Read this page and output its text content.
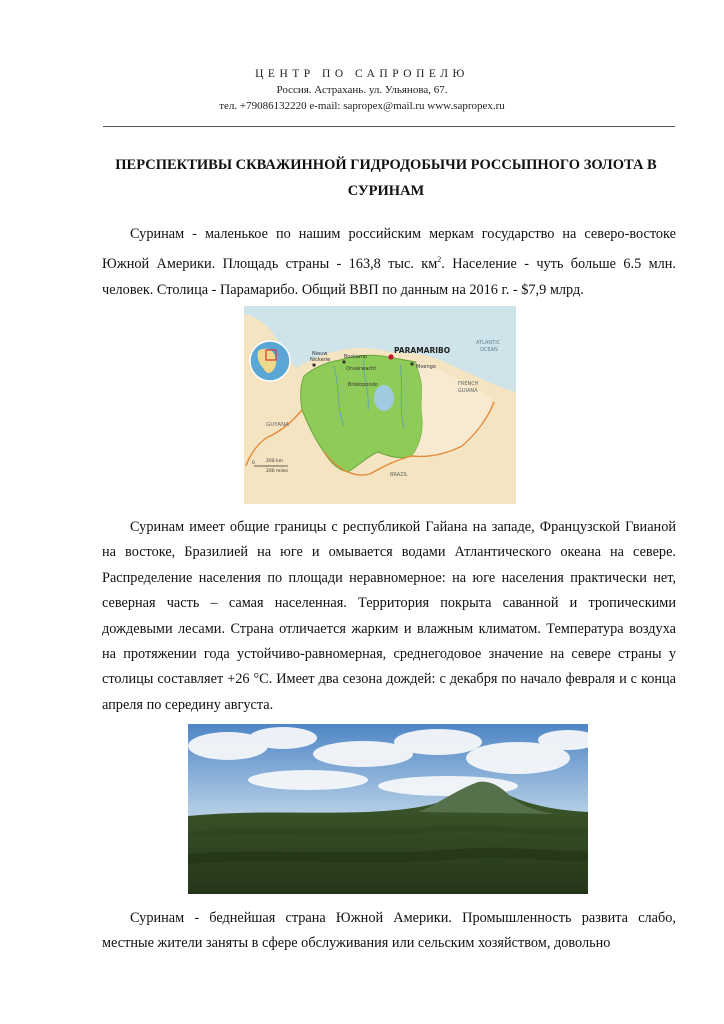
ЦЕНТР ПО САПРОПЕЛЮ
Россия. Астрахань. ул. Ульянова, 67.
тел. +79086132220 e-mail: sapropex@mail.ru www.sapropex.ru
ПЕРСПЕКТИВЫ СКВАЖИННОЙ ГИДРОДОБЫЧИ РОССЫПНОГО ЗОЛОТА В СУРИНАМ

Суринам - маленькое по нашим российским меркам государство на северо-востоке Южной Америки. Площадь страны - 163,8 тыс. $км^2$. Население - чуть больше 6.5 млн. человек. Столица - Парамарибо. Общий ВВП по данным на 2016 г. - $7,9 млрд.

PARAMARIBO
ATLANTIC
OCEAN
GUYANA
FRENCH
GUIANA
BRAZIL
Nieuw
Nickerie	Boskamp
Onverwacht
Brokopondo
Moengo
0 200 km
200 miles

Суринам имеет общие границы с республикой Гайана на западе, Французской Гвианой на востоке, Бразилией на юге и омывается водами Атлантического океана на севере. Распределение населения по площади неравномерное: на юге населения практически нет, северная часть – самая населенная. Территория покрыта саванной и тропическими дождевыми лесами. Страна отличается жарким и влажным климатом. Температура воздуха на протяжении года устойчиво-равномерная, среднегодовое значение на севере страны у столицы составляет +26 °С. Имеет два сезона дождей: с декабря по начало февраля и с конца апреля по середину августа.

Суринам - беднейшая страна Южной Америки. Промышленность развита слабо, местные жители заняты в сфере обслуживания или сельским хозяйством, довольно
